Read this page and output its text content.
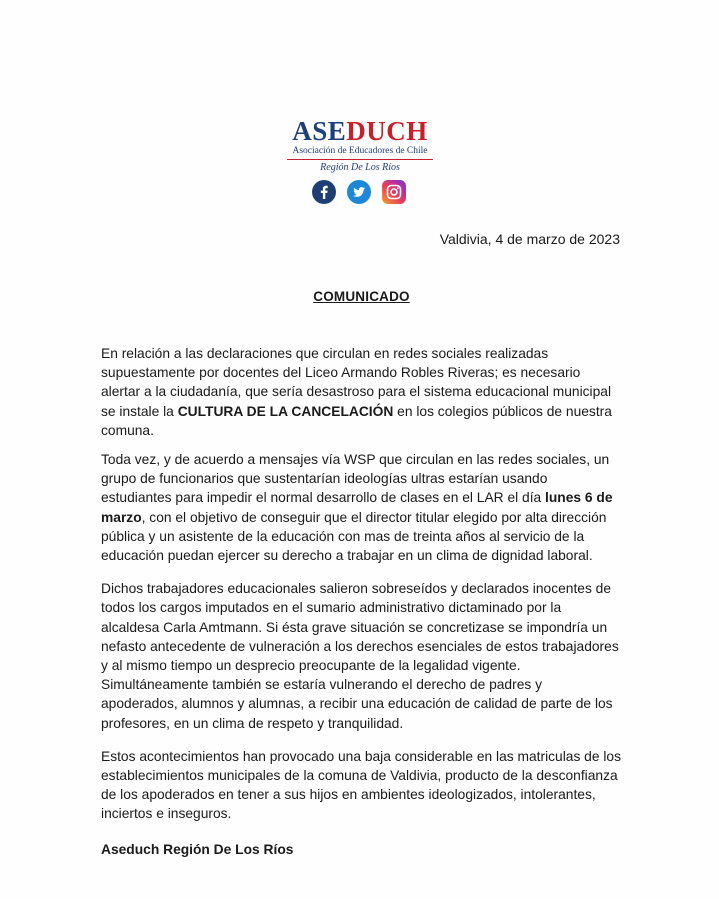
ASEDUCH
Asociación de Educadores de Chile
Región De Los Ríos
Valdivia, 4 de marzo de 2023
COMUNICADO

En relación a las declaraciones que circulan en redes sociales realizadas supuestamente por docentes del Liceo Armando Robles Riveras; es necesario alertar a la ciudadanía, que sería desastroso para el sistema educacional municipal se instale la CULTURA DE LA CANCELACIÓN en los colegios públicos de nuestra comuna.

Toda vez, y de acuerdo a mensajes vía WSP que circulan en las redes sociales, un grupo de funcionarios que sustentarían ideologías ultras estarían usando estudiantes para impedir el normal desarrollo de clases en el LAR el día lunes 6 de marzo, con el objetivo de conseguir que el director titular elegido por alta dirección pública y un asistente de la educación con mas de treinta años al servicio de la educación puedan ejercer su derecho a trabajar en un clima de dignidad laboral.

Dichos trabajadores educacionales salieron sobreseídos y declarados inocentes de todos los cargos imputados en el sumario administrativo dictaminado por la alcaldesa Carla Amtmann. Si ésta grave situación se concretizase se impondría un nefasto antecedente de vulneración a los derechos esenciales de estos trabajadores y al mismo tiempo un desprecio preocupante de la legalidad vigente. Simultáneamente también se estaría vulnerando el derecho de padres y apoderados, alumnos y alumnas, a recibir una educación de calidad de parte de los profesores, en un clima de respeto y tranquilidad.

Estos acontecimientos han provocado una baja considerable en las matriculas de los establecimientos municipales de la comuna de Valdivia, producto de la desconfianza de los apoderados en tener a sus hijos en ambientes ideologizados, intolerantes, inciertos e inseguros.

Aseduch Región De Los Ríos
